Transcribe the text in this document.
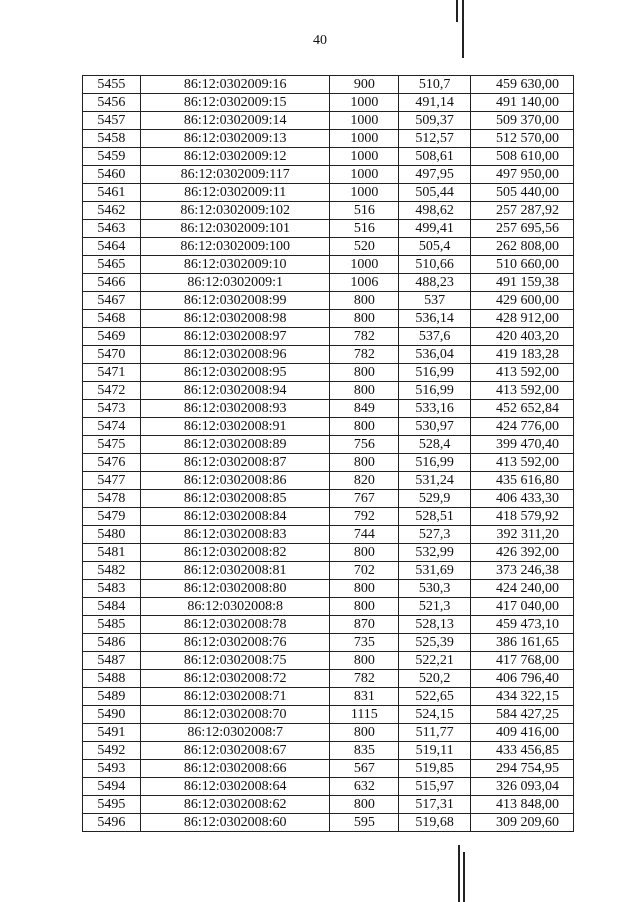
40
5455	86:12:0302009:16	900	510,7	459 630,00
5456	86:12:0302009:15	1000	491,14	491 140,00
5457	86:12:0302009:14	1000	509,37	509 370,00
5458	86:12:0302009:13	1000	512,57	512 570,00
5459	86:12:0302009:12	1000	508,61	508 610,00
5460	86:12:0302009:117	1000	497,95	497 950,00
5461	86:12:0302009:11	1000	505,44	505 440,00
5462	86:12:0302009:102	516	498,62	257 287,92
5463	86:12:0302009:101	516	499,41	257 695,56
5464	86:12:0302009:100	520	505,4	262 808,00
5465	86:12:0302009:10	1000	510,66	510 660,00
5466	86:12:0302009:1	1006	488,23	491 159,38
5467	86:12:0302008:99	800	537	429 600,00
5468	86:12:0302008:98	800	536,14	428 912,00
5469	86:12:0302008:97	782	537,6	420 403,20
5470	86:12:0302008:96	782	536,04	419 183,28
5471	86:12:0302008:95	800	516,99	413 592,00
5472	86:12:0302008:94	800	516,99	413 592,00
5473	86:12:0302008:93	849	533,16	452 652,84
5474	86:12:0302008:91	800	530,97	424 776,00
5475	86:12:0302008:89	756	528,4	399 470,40
5476	86:12:0302008:87	800	516,99	413 592,00
5477	86:12:0302008:86	820	531,24	435 616,80
5478	86:12:0302008:85	767	529,9	406 433,30
5479	86:12:0302008:84	792	528,51	418 579,92
5480	86:12:0302008:83	744	527,3	392 311,20
5481	86:12:0302008:82	800	532,99	426 392,00
5482	86:12:0302008:81	702	531,69	373 246,38
5483	86:12:0302008:80	800	530,3	424 240,00
5484	86:12:0302008:8	800	521,3	417 040,00
5485	86:12:0302008:78	870	528,13	459 473,10
5486	86:12:0302008:76	735	525,39	386 161,65
5487	86:12:0302008:75	800	522,21	417 768,00
5488	86:12:0302008:72	782	520,2	406 796,40
5489	86:12:0302008:71	831	522,65	434 322,15
5490	86:12:0302008:70	1115	524,15	584 427,25
5491	86:12:0302008:7	800	511,77	409 416,00
5492	86:12:0302008:67	835	519,11	433 456,85
5493	86:12:0302008:66	567	519,85	294 754,95
5494	86:12:0302008:64	632	515,97	326 093,04
5495	86:12:0302008:62	800	517,31	413 848,00
5496	86:12:0302008:60	595	519,68	309 209,60
